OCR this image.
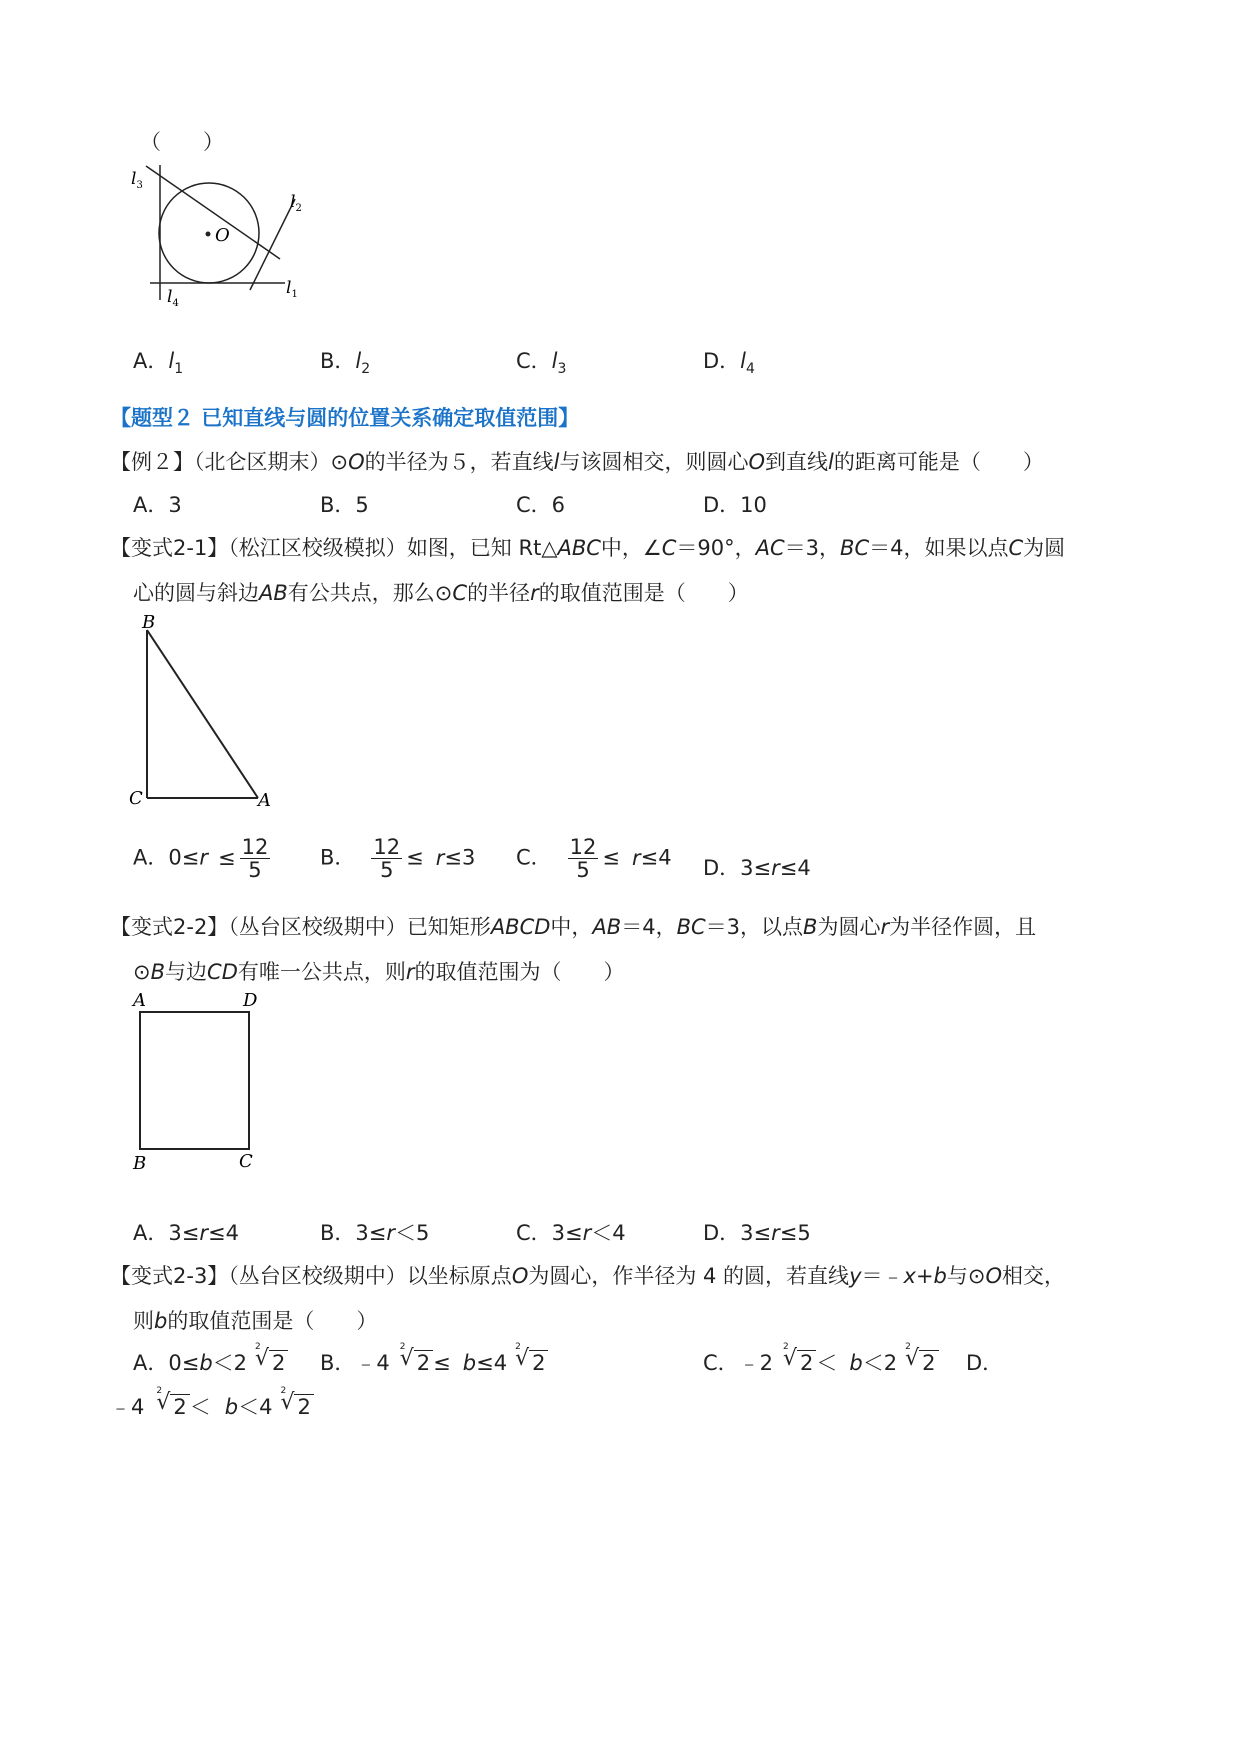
（　　）
$l_3$
$l_2$
O
$l_1$
$l_4$
A．$l_1$	B．$l_2$	C．$l_3$	D．$l_4$
【题型２ 已知直线与圆的位置关系确定取值范围】
【例２】（北仑区期末）⊙O的半径为５，若直线l与该圆相交，则圆心O到直线l的距离可能是（　　）
A．3	B．5	C．6	D．10
【变式2-1】（松江区校级模拟）如图，已知 Rt△ABC中，∠C＝90°，AC＝3，BC＝4，如果以点C为圆
心的圆与斜边AB有公共点，那么⊙C的半径r的取值范围是（　　）
B
C	A
A．$0\le r \le \frac{12}{5}$ B． $\frac{12}{5} \le r\le 3$ C． $\frac{12}{5} \le r\le 4$ D．3≤r≤4
【变式2-2】（丛台区校级期中）已知矩形ABCD中，AB＝4，BC＝3，以点B为圆心r为半径作圆，且
⊙B与边CD有唯一公共点，则r的取值范围为（　　）
A	D
B	C
A．3≤r≤4	B．3≤r＜5	C．3≤r＜4	D．3≤r≤5
【变式2-3】（丛台区校级期中）以坐标原点O为圆心，作半径为 4 的圆，若直线y＝﹣x+b与⊙O相交，
则b的取值范围是（　　）
A．0≤b＜2
√ 2
2 B．﹣4
√ 2
2 ≤ b≤4
√ 2
2	C．﹣2
√ 2
2 ＜ b＜2
√ 2
2 D．
﹣4
√ 2
2 ＜ b＜4
√ 2
2
